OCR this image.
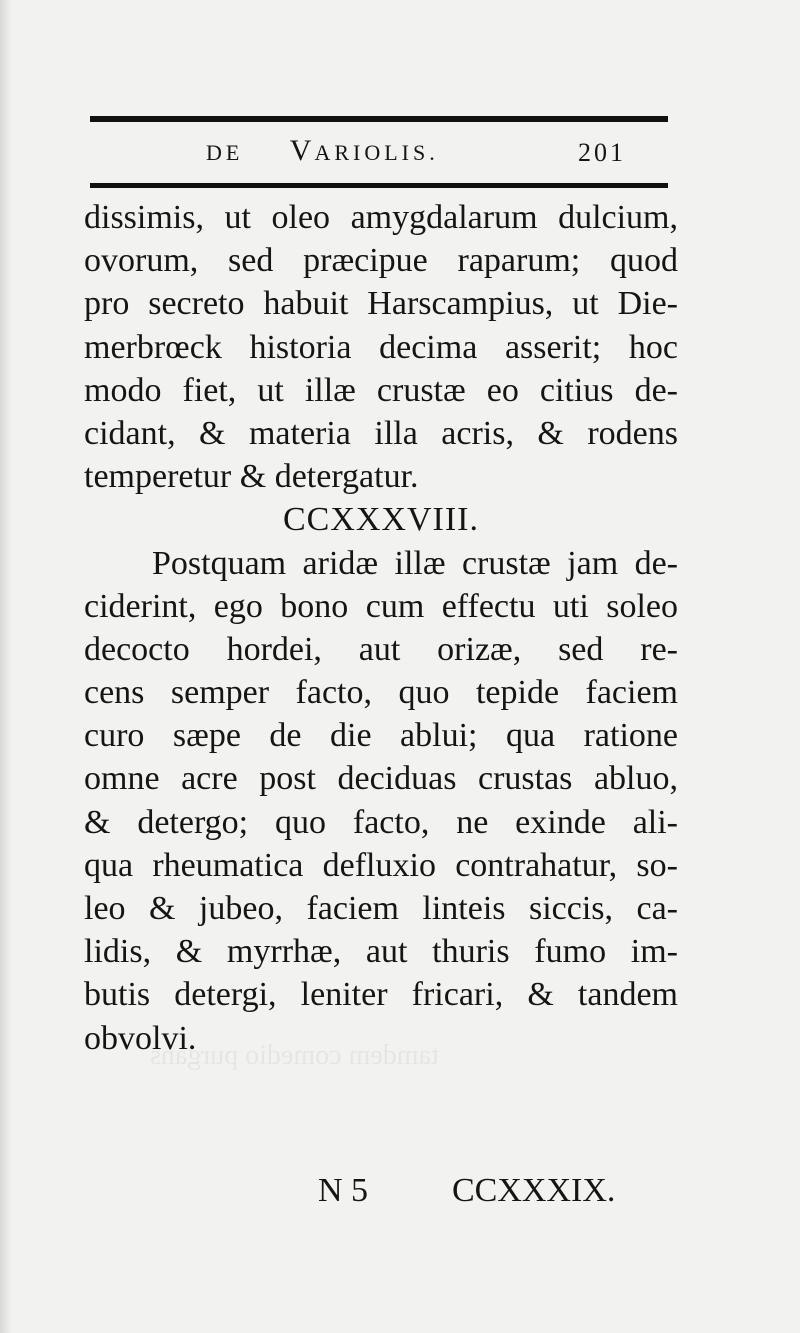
tamdem comedio purgans
DE VARIOLIS.	201
dissimis, ut oleo amygdalarum dulcium,
ovorum, sed præcipue raparum; quod
pro secreto habuit Harscampius, ut Die-
merbrœck historia decima asserit; hoc
modo fiet, ut illæ crustæ eo citius de-
cidant, & materia illa acris, & rodens
temperetur & detergatur.
CCXXXVIII.
Postquam aridæ illæ crustæ jam de-
ciderint, ego bono cum effectu uti soleo
decocto hordei, aut orizæ, sed re-
cens semper facto, quo tepide faciem
curo sæpe de die ablui; qua ratione
omne acre post deciduas crustas abluo,
& detergo; quo facto, ne exinde ali-
qua rheumatica defluxio contrahatur, so-
leo & jubeo, faciem linteis siccis, ca-
lidis, & myrrhæ, aut thuris fumo im-
butis detergi, leniter fricari, & tandem
obvolvi.
N 5 CCXXXIX.
